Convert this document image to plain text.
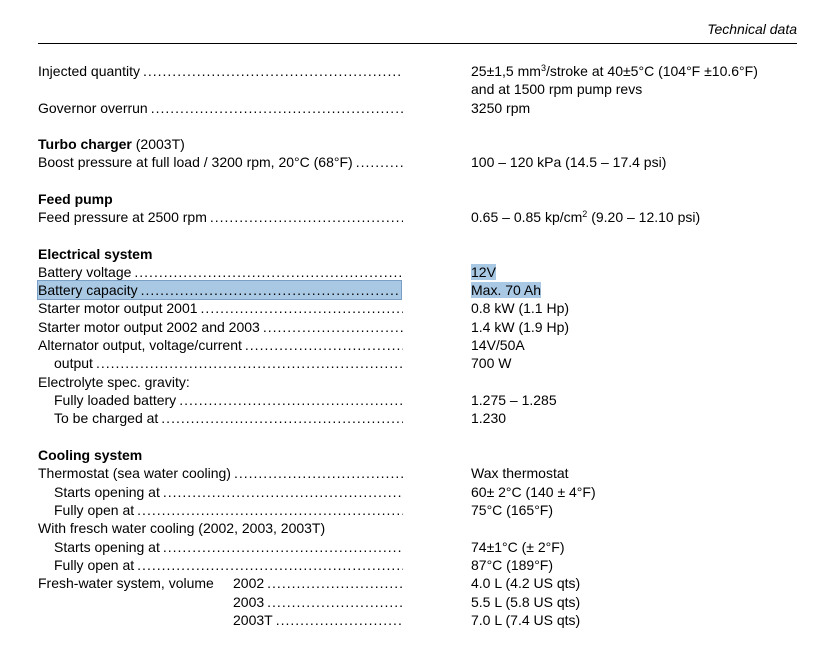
Technical data
Injected quantity .....	25±1,5 $mm^3$/stroke at 40±5°C (104°F ±10.6°F)
and at 1500 rpm pump revs
Governor overrun .....	3250 rpm
Turbo charger (2003T)
Boost pressure at full load / 3200 rpm, 20°C (68°F) .....	100 – 120 kPa (14.5 – 17.4 psi)
Feed pump
Feed pressure at 2500 rpm .....	0.65 – 0.85 $kp/cm^2$ (9.20 – 12.10 psi)
Electrical system
Battery voltage .....	12V
Battery capacity .....	Max. 70 Ah
Starter motor output 2001 .....	0.8 kW (1.1 Hp)
Starter motor output 2002 and 2003 .....	1.4 kW (1.9 Hp)
Alternator output, voltage/current .....	14V/50A
output .....	700 W
Electrolyte spec. gravity:
Fully loaded battery .....	1.275 – 1.285
To be charged at .....	1.230
Cooling system
Thermostat (sea water cooling) .....	Wax thermostat
Starts opening at .....	60± 2°C (140 ± 4°F)
Fully open at .....	75°C (165°F)
With fresch water cooling (2002, 2003, 2003T)
Starts opening at .....	74±1°C (± 2°F)
Fully open at .....	87°C (189°F)
Fresh-water system, volume 2002 .....	4.0 L (4.2 US qts)
2003 .....	5.5 L (5.8 US qts)
2003T .....	7.0 L (7.4 US qts)
